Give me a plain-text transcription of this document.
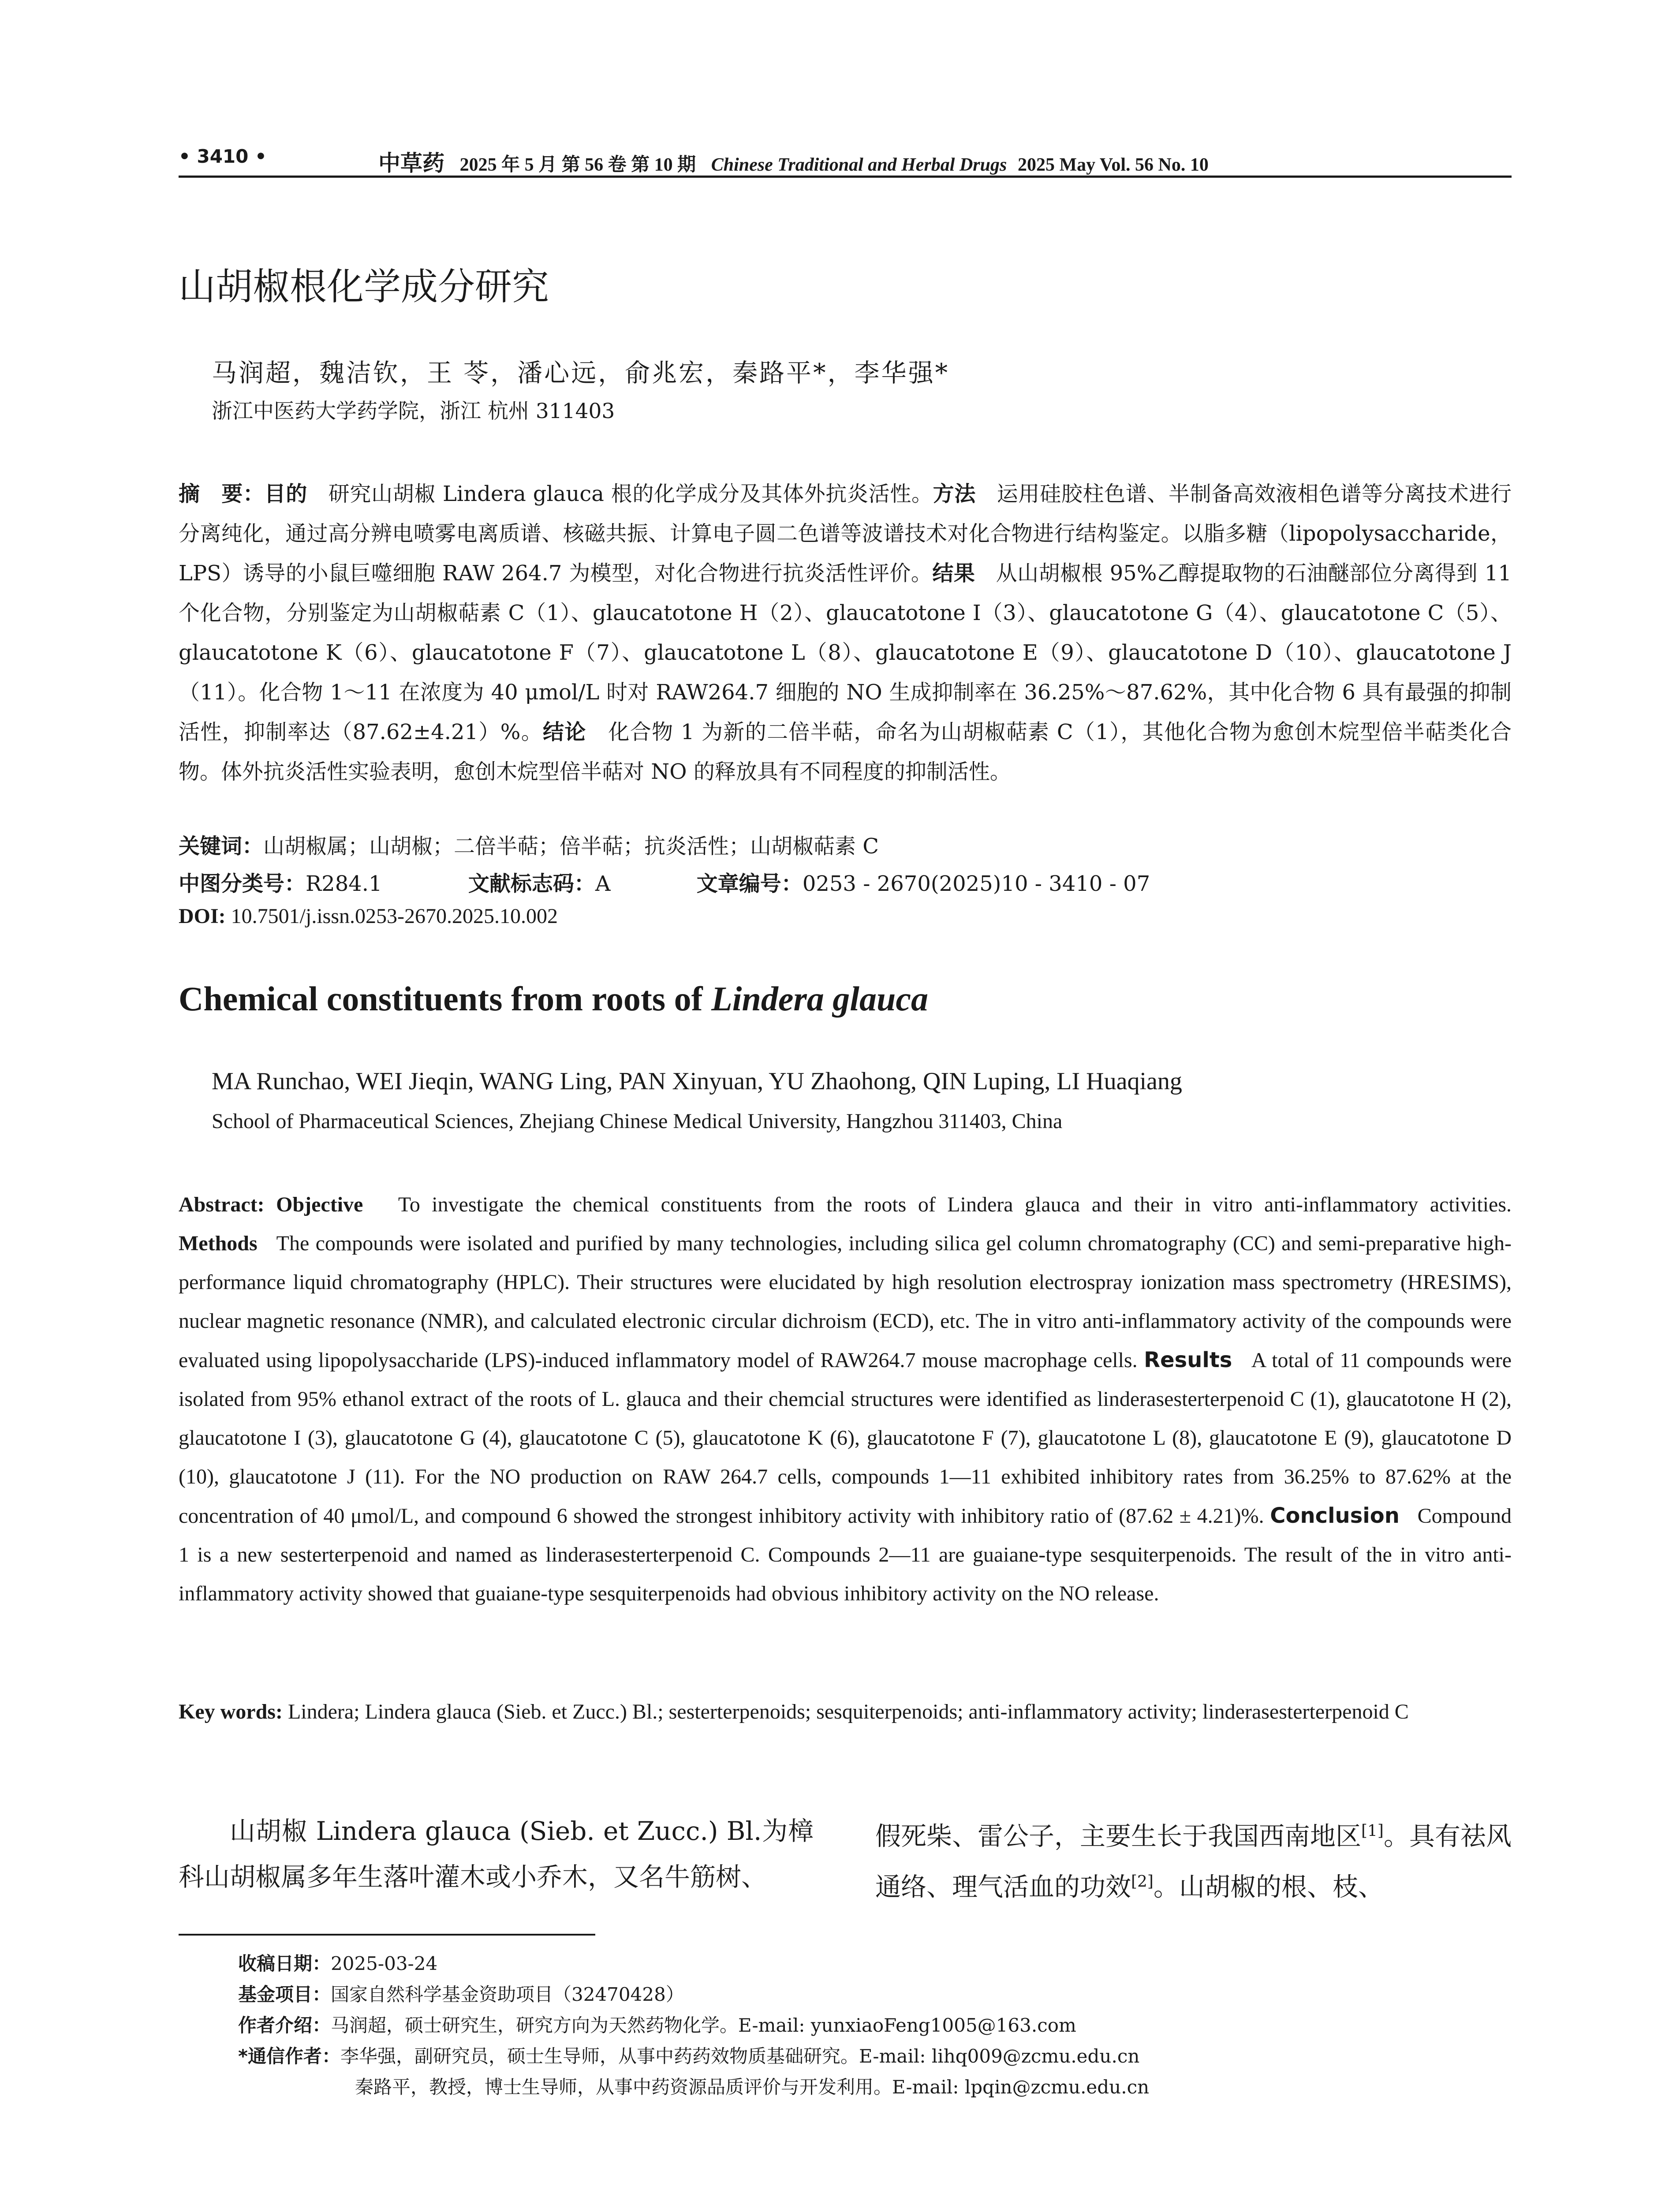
• 3410 •	中草药 2025 年 5 月 第 56 卷 第 10 期 Chinese Traditional and Herbal Drugs 2025 May Vol. 56 No. 10
山胡椒根化学成分研究
马润超，魏洁钦，王 苓，潘心远，俞兆宏，秦路平*，李华强*
浙江中医药大学药学院，浙江 杭州 311403
摘　要：目的 研究山胡椒 Lindera glauca 根的化学成分及其体外抗炎活性。方法 运用硅胶柱色谱、半制备高效液相色谱等分离技术进行分离纯化，通过高分辨电喷雾电离质谱、核磁共振、计算电子圆二色谱等波谱技术对化合物进行结构鉴定。以脂多糖（lipopolysaccharide，LPS）诱导的小鼠巨噬细胞 RAW 264.7 为模型，对化合物进行抗炎活性评价。结果 从山胡椒根 95%乙醇提取物的石油醚部位分离得到 11 个化合物，分别鉴定为山胡椒萜素 C（1）、glaucatotone H（2）、glaucatotone I（3）、glaucatotone G（4）、glaucatotone C（5）、glaucatotone K（6）、glaucatotone F（7）、glaucatotone L（8）、glaucatotone E（9）、glaucatotone D（10）、glaucatotone J（11）。化合物 1～11 在浓度为 40 μmol/L 时对 RAW264.7 细胞的 NO 生成抑制率在 36.25%～87.62%，其中化合物 6 具有最强的抑制活性，抑制率达（87.62±4.21）%。结论 化合物 1 为新的二倍半萜，命名为山胡椒萜素 C（1），其他化合物为愈创木烷型倍半萜类化合物。体外抗炎活性实验表明，愈创木烷型倍半萜对 NO 的释放具有不同程度的抑制活性。
关键词：山胡椒属；山胡椒；二倍半萜；倍半萜；抗炎活性；山胡椒萜素 C
中图分类号：R284.1	文献标志码：A	文章编号：0253 - 2670(2025)10 - 3410 - 07
DOI: 10.7501/j.issn.0253-2670.2025.10.002
Chemical constituents from roots of Lindera glauca
MA Runchao, WEI Jieqin, WANG Ling, PAN Xinyuan, YU Zhaohong, QIN Luping, LI Huaqiang
School of Pharmaceutical Sciences, Zhejiang Chinese Medical University, Hangzhou 311403, China
Abstract: Objective To investigate the chemical constituents from the roots of Lindera glauca and their in vitro anti-inflammatory activities. Methods The compounds were isolated and purified by many technologies, including silica gel column chromatography (CC) and semi-preparative high-performance liquid chromatography (HPLC). Their structures were elucidated by high resolution electrospray ionization mass spectrometry (HRESIMS), nuclear magnetic resonance (NMR), and calculated electronic circular dichroism (ECD), etc. The in vitro anti-inflammatory activity of the compounds were evaluated using lipopolysaccharide (LPS)-induced inflammatory model of RAW264.7 mouse macrophage cells. Results A total of 11 compounds were isolated from 95% ethanol extract of the roots of L. glauca and their chemcial structures were identified as linderasesterterpenoid C (1), glaucatotone H (2), glaucatotone I (3), glaucatotone G (4), glaucatotone C (5), glaucatotone K (6), glaucatotone F (7), glaucatotone L (8), glaucatotone E (9), glaucatotone D (10), glaucatotone J (11). For the NO production on RAW 264.7 cells, compounds 1—11 exhibited inhibitory rates from 36.25% to 87.62% at the concentration of 40 μmol/L, and compound 6 showed the strongest inhibitory activity with inhibitory ratio of (87.62 ± 4.21)%. Conclusion Compound 1 is a new sesterterpenoid and named as linderasesterterpenoid C. Compounds 2—11 are guaiane-type sesquiterpenoids. The result of the in vitro anti-inflammatory activity showed that guaiane-type sesquiterpenoids had obvious inhibitory activity on the NO release.
Key words: Lindera; Lindera glauca (Sieb. et Zucc.) Bl.; sesterterpenoids; sesquiterpenoids; anti-inflammatory activity; linderasesterterpenoid C
山胡椒 Lindera glauca (Sieb. et Zucc.) Bl.为樟科山胡椒属多年生落叶灌木或小乔木，又名牛筋树、
假死柴、雷公子，主要生长于我国西南地区[1]。具有祛风通络、理气活血的功效[2]。山胡椒的根、枝、
收稿日期：2025-03-24
基金项目：国家自然科学基金资助项目（32470428）
作者介绍：马润超，硕士研究生，研究方向为天然药物化学。E-mail: yunxiaoFeng1005@163.com
*通信作者：李华强，副研究员，硕士生导师，从事中药药效物质基础研究。E-mail: lihq009@zcmu.edu.cn
秦路平，教授，博士生导师，从事中药资源品质评价与开发利用。E-mail: lpqin@zcmu.edu.cn
